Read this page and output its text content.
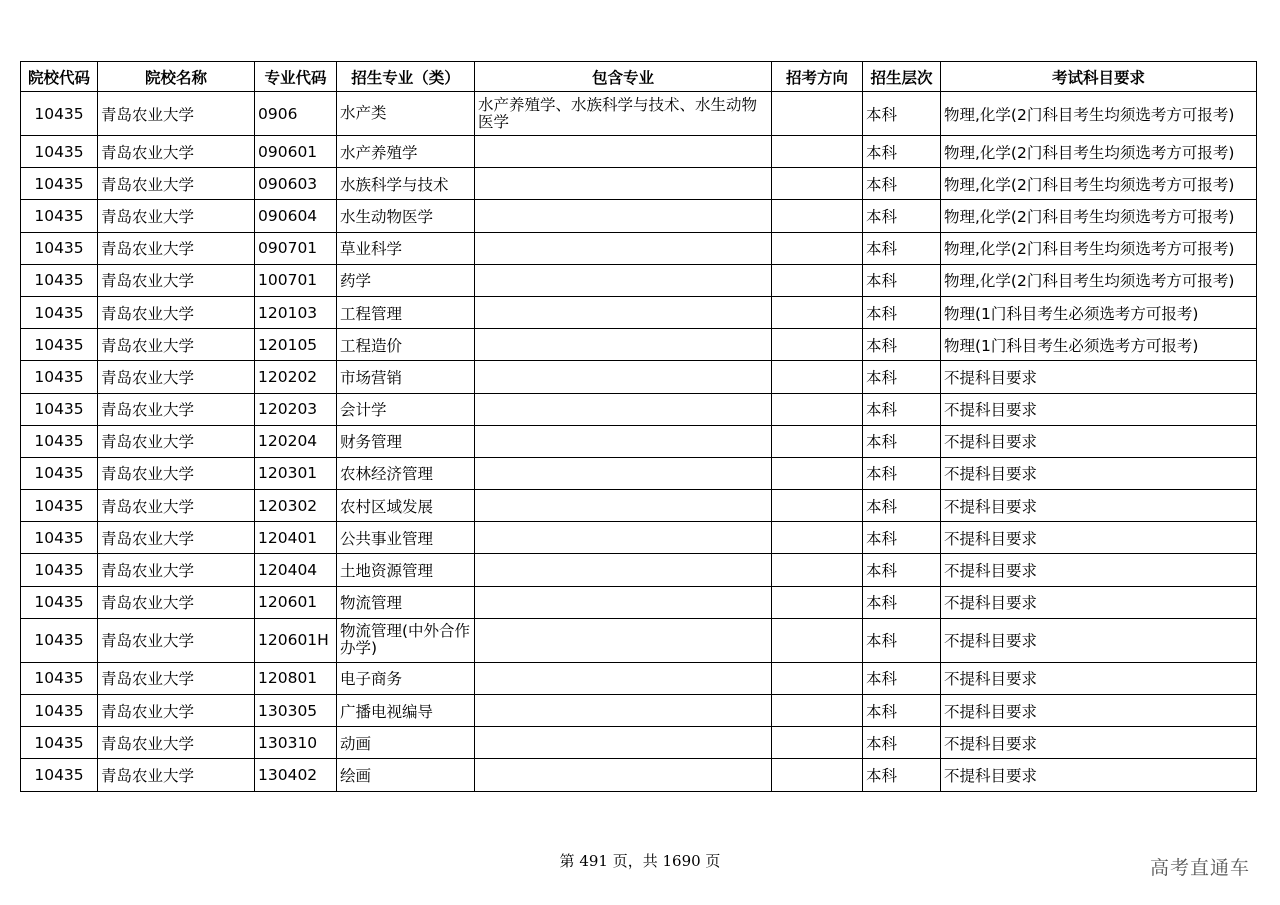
院校代码	院校名称	专业代码	招生专业（类）	包含专业	招考方向	招生层次	考试科目要求
10435	青岛农业大学	0906	水产类	水产养殖学、水族科学与技术、水生动物医学		本科	物理,化学(2门科目考生均须选考方可报考)
10435	青岛农业大学	090601	水产养殖学			本科	物理,化学(2门科目考生均须选考方可报考)
10435	青岛农业大学	090603	水族科学与技术			本科	物理,化学(2门科目考生均须选考方可报考)
10435	青岛农业大学	090604	水生动物医学			本科	物理,化学(2门科目考生均须选考方可报考)
10435	青岛农业大学	090701	草业科学			本科	物理,化学(2门科目考生均须选考方可报考)
10435	青岛农业大学	100701	药学			本科	物理,化学(2门科目考生均须选考方可报考)
10435	青岛农业大学	120103	工程管理			本科	物理(1门科目考生必须选考方可报考)
10435	青岛农业大学	120105	工程造价			本科	物理(1门科目考生必须选考方可报考)
10435	青岛农业大学	120202	市场营销			本科	不提科目要求
10435	青岛农业大学	120203	会计学			本科	不提科目要求
10435	青岛农业大学	120204	财务管理			本科	不提科目要求
10435	青岛农业大学	120301	农林经济管理			本科	不提科目要求
10435	青岛农业大学	120302	农村区域发展			本科	不提科目要求
10435	青岛农业大学	120401	公共事业管理			本科	不提科目要求
10435	青岛农业大学	120404	土地资源管理			本科	不提科目要求
10435	青岛农业大学	120601	物流管理			本科	不提科目要求
10435	青岛农业大学	120601H	物流管理(中外合作办学)			本科	不提科目要求
10435	青岛农业大学	120801	电子商务			本科	不提科目要求
10435	青岛农业大学	130305	广播电视编导			本科	不提科目要求
10435	青岛农业大学	130310	动画			本科	不提科目要求
10435	青岛农业大学	130402	绘画			本科	不提科目要求
第 491 页，共 1690 页	高考直通车
